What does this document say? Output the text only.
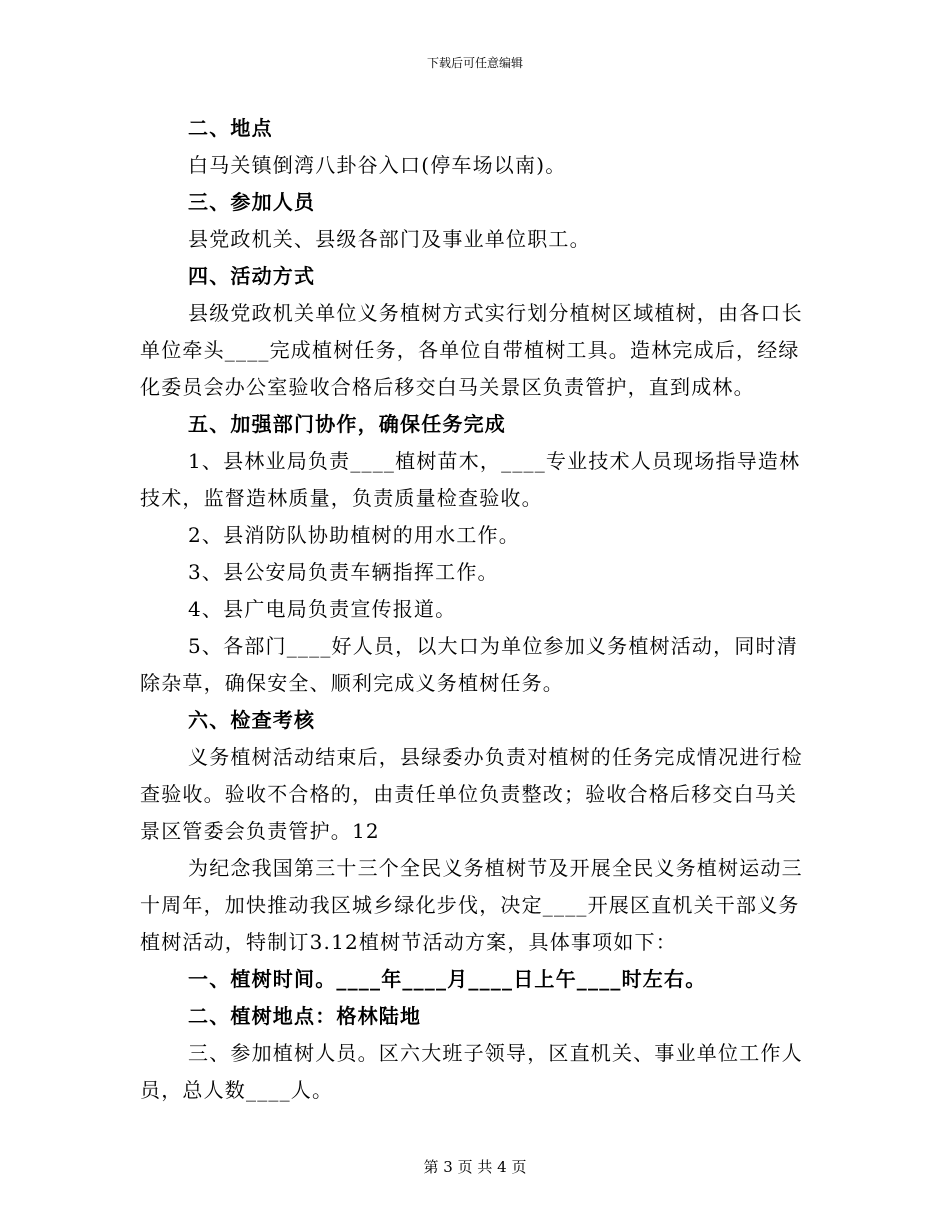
下载后可任意编辑

二、地点

白马关镇倒湾八卦谷入口(停车场以南)。

三、参加人员

县党政机关、县级各部门及事业单位职工。

四、活动方式

县级党政机关单位义务植树方式实行划分植树区域植树，由各口长单位牵头____完成植树任务，各单位自带植树工具。造林完成后，经绿化委员会办公室验收合格后移交白马关景区负责管护，直到成林。

五、加强部门协作，确保任务完成

1、县林业局负责____植树苗木，____专业技术人员现场指导造林技术，监督造林质量，负责质量检查验收。

2、县消防队协助植树的用水工作。

3、县公安局负责车辆指挥工作。

4、县广电局负责宣传报道。

5、各部门____好人员，以大口为单位参加义务植树活动，同时清除杂草，确保安全、顺利完成义务植树任务。

六、检查考核

义务植树活动结束后，县绿委办负责对植树的任务完成情况进行检查验收。验收不合格的，由责任单位负责整改；验收合格后移交白马关景区管委会负责管护。12

为纪念我国第三十三个全民义务植树节及开展全民义务植树运动三十周年，加快推动我区城乡绿化步伐，决定____开展区直机关干部义务植树活动，特制订3.12植树节活动方案，具体事项如下：

一、植树时间。____年____月____日上午____时左右。

二、植树地点：格林陆地

三、参加植树人员。区六大班子领导，区直机关、事业单位工作人员，总人数____人。

第 3 页 共 4 页
